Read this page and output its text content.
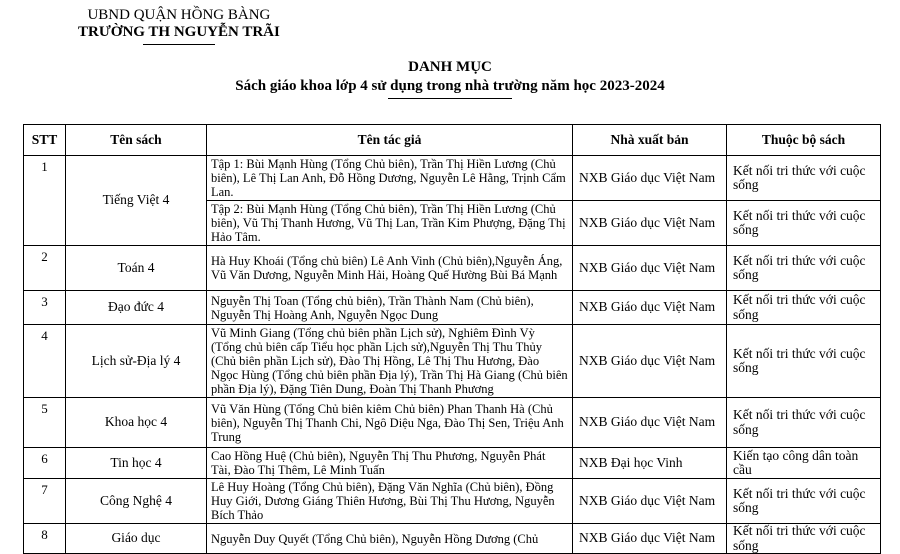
UBND QUẬN HỒNG BÀNG
TRƯỜNG TH NGUYỄN TRÃI
DANH MỤC
Sách giáo khoa lớp 4 sử dụng trong nhà trường năm học 2023-2024
STT	Tên sách	Tên tác giả	Nhà xuất bản	Thuộc bộ sách
1	Tiếng Việt 4	Tập 1: Bùi Mạnh Hùng (Tổng Chủ biên), Trần Thị Hiền Lương (Chủ biên), Lê Thị Lan Anh, Đỗ Hồng Dương, Nguyễn Lê Hằng, Trịnh Cẩm Lan.	NXB Giáo dục Việt Nam	Kết nối tri thức với cuộc sống
		Tập 2: Bùi Mạnh Hùng (Tổng Chủ biên), Trần Thị Hiền Lương (Chủ biên), Vũ Thị Thanh Hương, Vũ Thị Lan, Trần Kim Phượng, Đặng Thị Hảo Tâm.	NXB Giáo dục Việt Nam	Kết nối tri thức với cuộc sống
2	Toán 4	Hà Huy Khoái (Tổng chủ biên) Lê Anh Vinh (Chủ biên),Nguyễn Áng, Vũ Văn Dương, Nguyễn Minh Hải, Hoàng Quế Hường Bùi Bá Mạnh	NXB Giáo dục Việt Nam	Kết nối tri thức với cuộc sống
3	Đạo đức 4	Nguyễn Thị Toan (Tổng chủ biên), Trần Thành Nam (Chủ biên), Nguyễn Thị Hoàng Anh, Nguyễn Ngọc Dung	NXB Giáo dục Việt Nam	Kết nối tri thức với cuộc sống
4	Lịch sử-Địa lý 4	Vũ Minh Giang (Tổng chủ biên phần Lịch sử), Nghiêm Đình Vỳ (Tổng chủ biên cấp Tiểu học phần Lịch sử),Nguyễn Thị Thu Thủy (Chủ biên phần Lịch sử), Đào Thị Hồng, Lê Thị Thu Hương, Đào Ngọc Hùng (Tổng chủ biên phần Địa lý), Trần Thị Hà Giang (Chủ biên phần Địa lý), Đặng Tiên Dung, Đoàn Thị Thanh Phương	NXB Giáo dục Việt Nam	Kết nối tri thức với cuộc sống
5	Khoa học 4	Vũ Văn Hùng (Tổng Chủ biên kiêm Chủ biên) Phan Thanh Hà (Chủ biên), Nguyễn Thị Thanh Chi, Ngô Diệu Nga, Đào Thị Sen, Triệu Anh Trung	NXB Giáo dục Việt Nam	Kết nối tri thức với cuộc sống
6	Tin học 4	Cao Hồng Huệ (Chủ biên), Nguyễn Thị Thu Phương, Nguyễn Phát Tài, Đào Thị Thêm, Lê Minh Tuấn	NXB Đại học Vinh	Kiến tạo công dân toàn cầu
7	Công Nghệ 4	Lê Huy Hoàng (Tổng Chủ biên), Đặng Văn Nghĩa (Chủ biên), Đồng Huy Giới, Dương Giáng Thiên Hương, Bùi Thị Thu Hương, Nguyễn Bích Thảo	NXB Giáo dục Việt Nam	Kết nối tri thức với cuộc sống
8	Giáo dục	Nguyễn Duy Quyết (Tổng Chủ biên), Nguyễn Hồng Dương (Chủ	NXB Giáo dục Việt Nam	Kết nối tri thức với cuộc sống
